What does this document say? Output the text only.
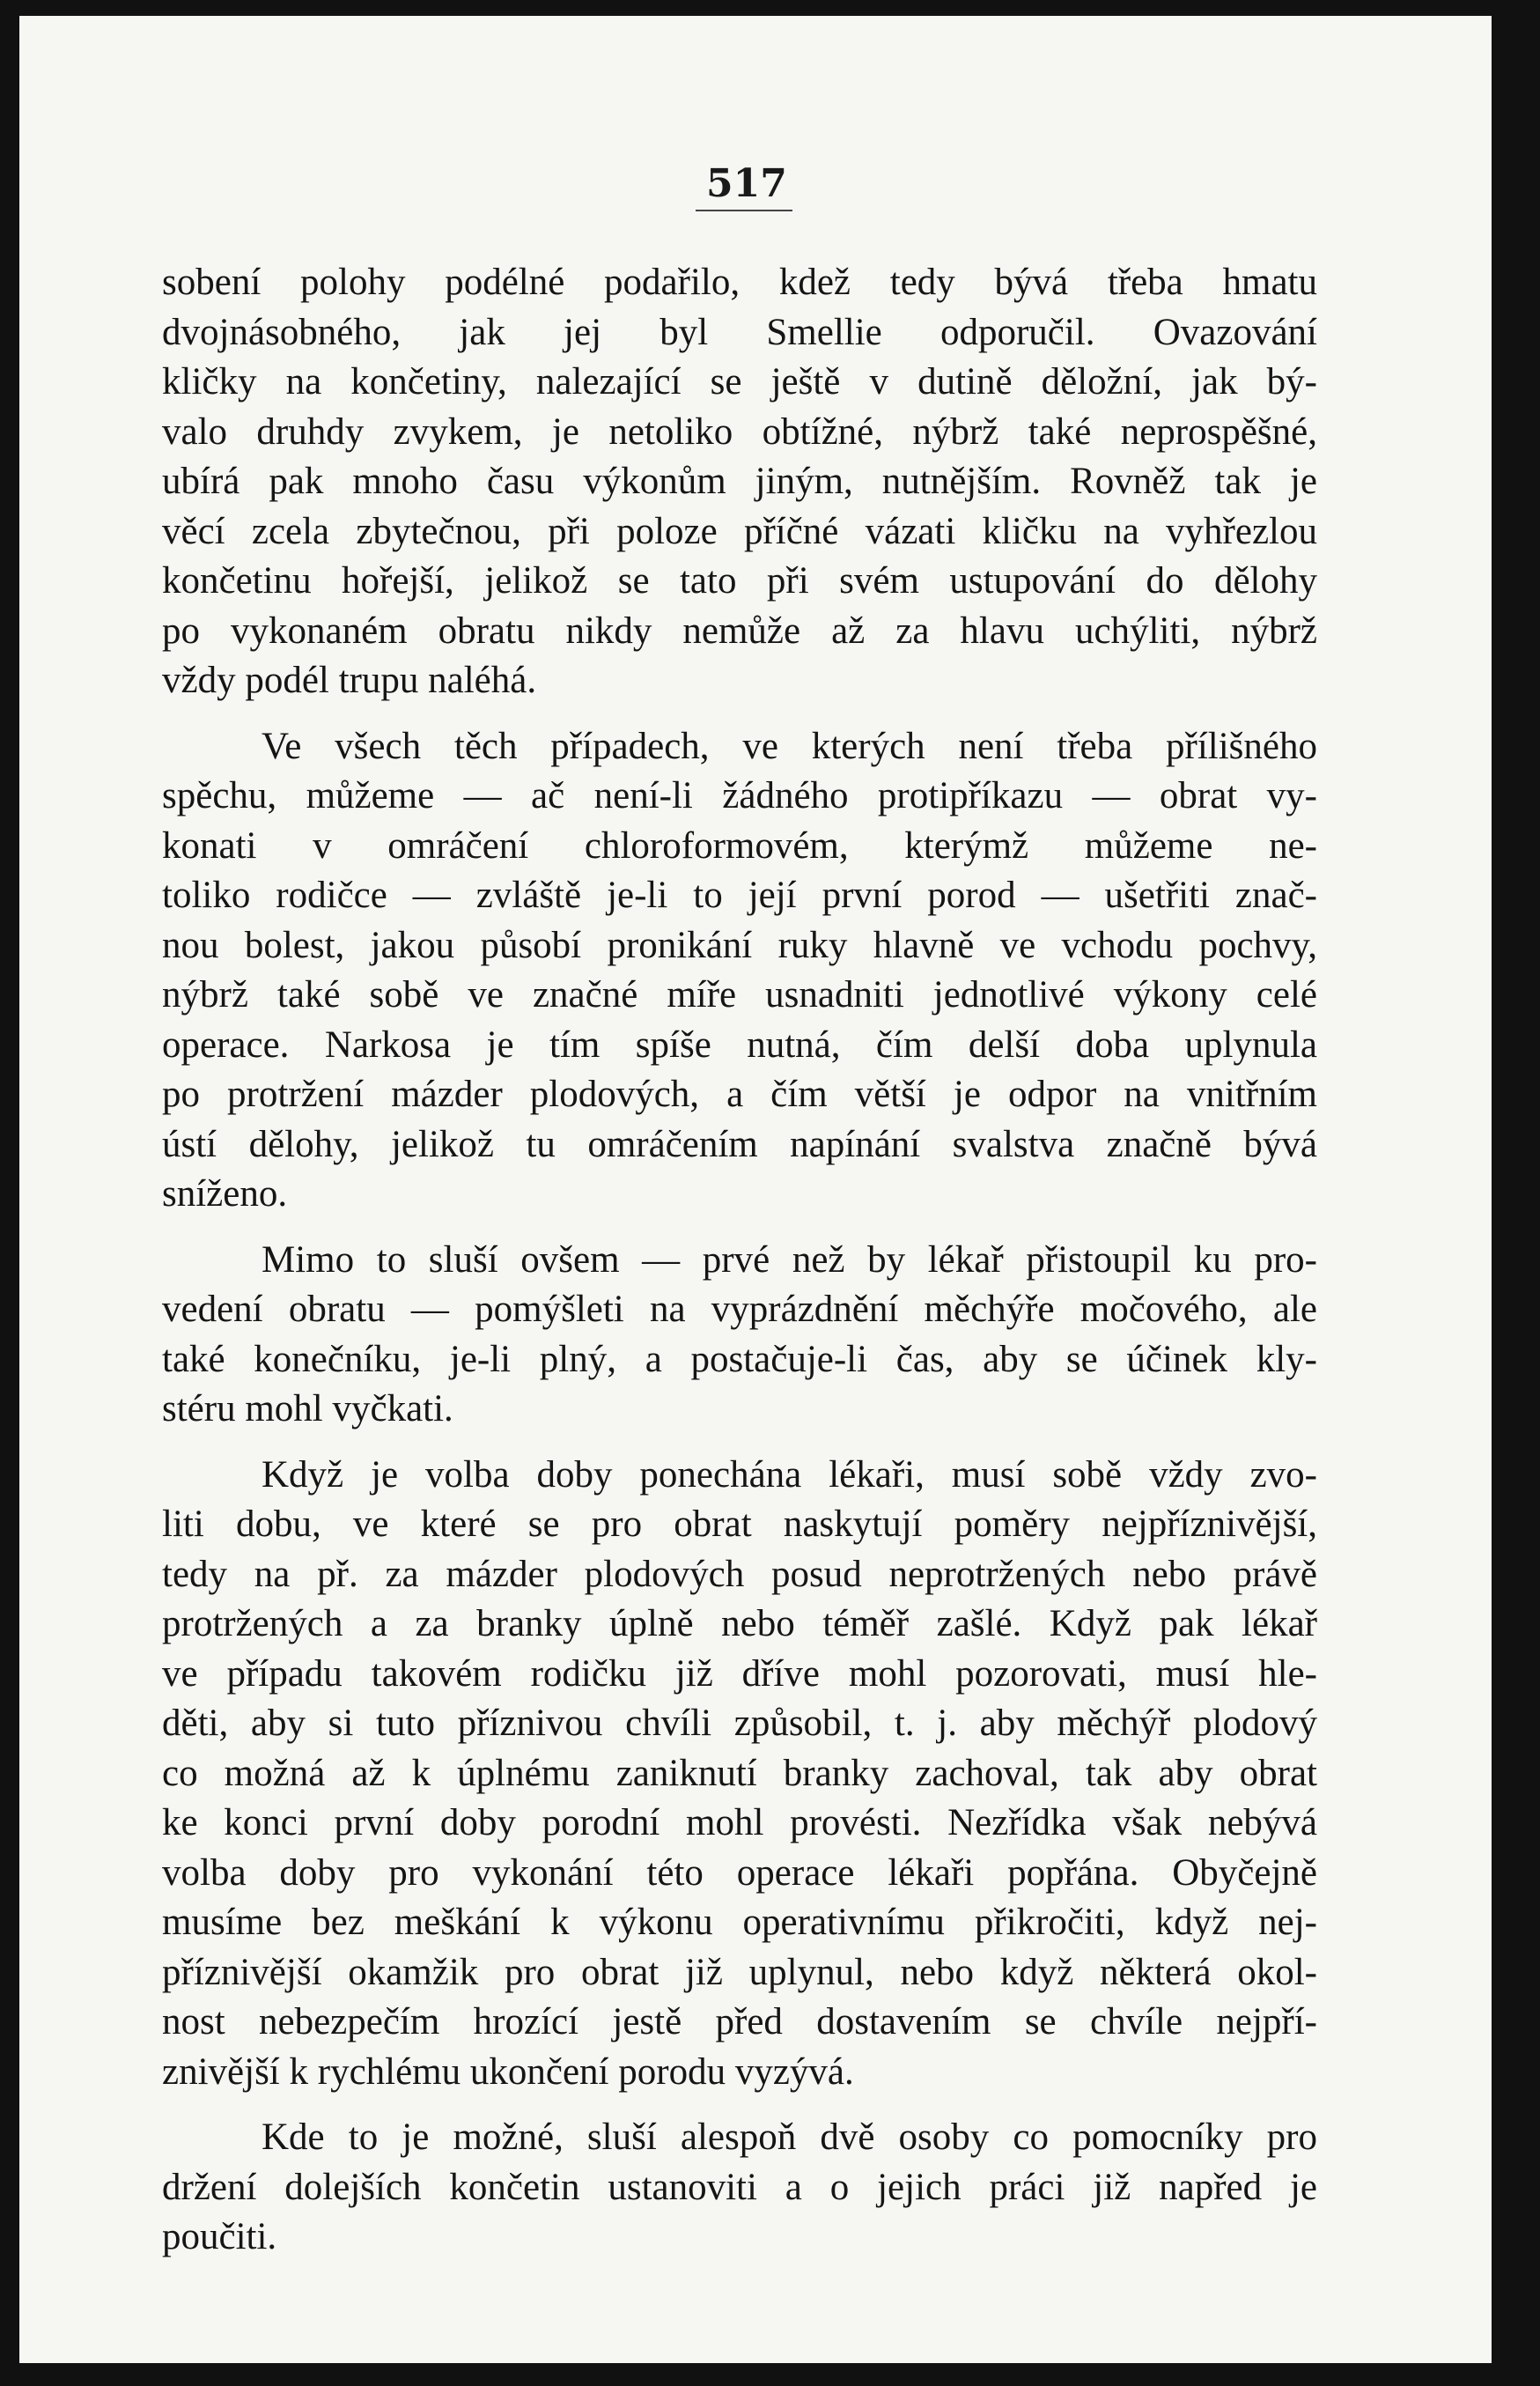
517
sobení polohy podélné podařilo, kdež tedy bývá třeba hmatu
dvojnásobného, jak jej byl Smellie odporučil. Ovazování
kličky na končetiny, nalezající se ještě v dutině děložní, jak bý-
valo druhdy zvykem, je netoliko obtížné, nýbrž také neprospěšné,
ubírá pak mnoho času výkonům jiným, nutnějším. Rovněž tak je
věcí zcela zbytečnou, při poloze příčné vázati kličku na vyhřezlou
končetinu hořejší, jelikož se tato při svém ustupování do dělohy
po vykonaném obratu nikdy nemůže až za hlavu uchýliti, nýbrž
vždy podél trupu naléhá.
Ve všech těch případech, ve kterých není třeba přílišného
spěchu, můžeme — ač není-li žádného protipříkazu — obrat vy-
konati v omráčení chloroformovém, kterýmž můžeme ne-
toliko rodičce — zvláště je-li to její první porod — ušetřiti znač-
nou bolest, jakou působí pronikání ruky hlavně ve vchodu pochvy,
nýbrž také sobě ve značné míře usnadniti jednotlivé výkony celé
operace. Narkosa je tím spíše nutná, čím delší doba uplynula
po protržení mázder plodových, a čím větší je odpor na vnitřním
ústí dělohy, jelikož tu omráčením napínání svalstva značně bývá
sníženo.
Mimo to sluší ovšem — prvé než by lékař přistoupil ku pro-
vedení obratu — pomýšleti na vyprázdnění měchýře močového, ale
také konečníku, je-li plný, a postačuje-li čas, aby se účinek kly-
stéru mohl vyčkati.
Když je volba doby ponechána lékaři, musí sobě vždy zvo-
liti dobu, ve které se pro obrat naskytují poměry nejpříznivější,
tedy na př. za mázder plodových posud neprotržených nebo právě
protržených a za branky úplně nebo téměř zašlé. Když pak lékař
ve případu takovém rodičku již dříve mohl pozorovati, musí hle-
děti, aby si tuto příznivou chvíli způsobil, t. j. aby měchýř plodový
co možná až k úplnému zaniknutí branky zachoval, tak aby obrat
ke konci první doby porodní mohl provésti. Nezřídka však nebývá
volba doby pro vykonání této operace lékaři popřána. Obyčejně
musíme bez meškání k výkonu operativnímu přikročiti, když nej-
příznivější okamžik pro obrat již uplynul, nebo když některá okol-
nost nebezpečím hrozící jestě před dostavením se chvíle nejpří-
znivější k rychlému ukončení porodu vyzývá.
Kde to je možné, sluší alespoň dvě osoby co pomocníky pro
držení dolejších končetin ustanoviti a o jejich práci již napřed je
poučiti.
